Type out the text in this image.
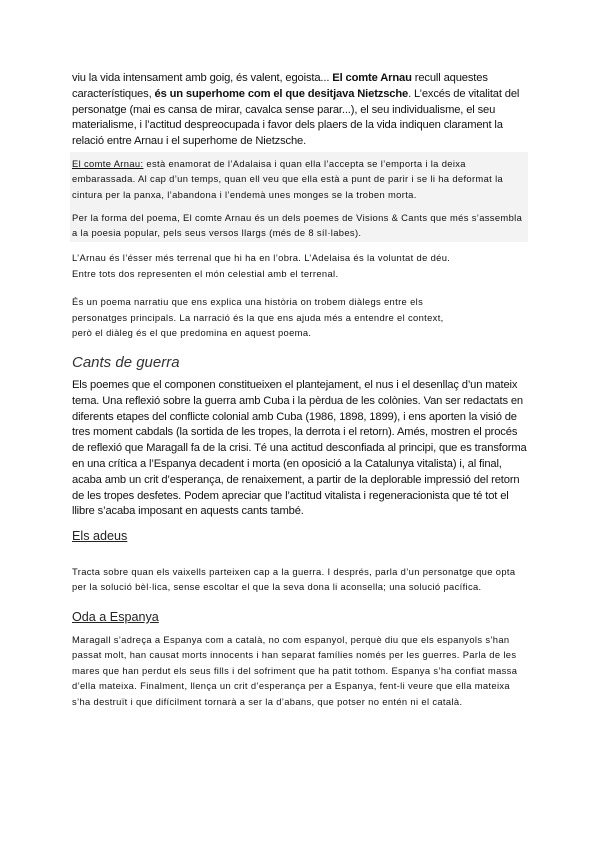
viu la vida intensament amb goig, és valent, egoista... El comte Arnau recull aquestes característiques, és un superhome com el que desitjava Nietzsche. L’excés de vitalitat del personatge (mai es cansa de mirar, cavalca sense parar...), el seu individualisme, el seu materialisme, i l’actitud despreocupada i favor dels plaers de la vida indiquen clarament la relació entre Arnau i el superhome de Nietzsche.

El comte Arnau: està enamorat de l’Adalaisa i quan ella l’accepta se l’emporta i la deixa embarassada. Al cap d’un temps, quan ell veu que ella està a punt de parir i se li ha deformat la cintura per la panxa, l’abandona i l’endemà unes monges se la troben morta.

Per la forma del poema, El comte Arnau és un dels poemes de Visions & Cants que més s’assembla a la poesia popular, pels seus versos llargs (més de 8 síl·labes).

L’Arnau és l’ésser més terrenal que hi ha en l’obra. L’Adelaisa és la voluntat de déu.

Entre tots dos representen el món celestial amb el terrenal.

És un poema narratiu que ens explica una història on trobem diàlegs entre els

personatges principals. La narració és la que ens ajuda més a entendre el context,

però el diàleg és el que predomina en aquest poema.

Cants de guerra

Els poemes que el componen constitueixen el plantejament, el nus i el desenllaç d’un mateix tema. Una reflexió sobre la guerra amb Cuba i la pèrdua de les colònies. Van ser redactats en diferents etapes del conflicte colonial amb Cuba (1986, 1898, 1899), i ens aporten la visió de tres moment cabdals (la sortida de les tropes, la derrota i el retorn). Amés, mostren el procés de reflexió que Maragall fa de la crisi. Té una actitud desconfiada al principi, que es transforma en una crítica a l’Espanya decadent i morta (en oposició a la Catalunya vitalista) i, al final, acaba amb un crit d’esperança, de renaixement, a partir de la deplorable impressió del retorn de les tropes desfetes. Podem apreciar que l’actitud vitalista i regeneracionista que té tot el llibre s’acaba imposant en aquests cants també.

Els adeus

Tracta sobre quan els vaixells parteixen cap a la guerra. I després, parla d’un personatge que opta per la solució bèl·lica, sense escoltar el que la seva dona li aconsella; una solució pacífica.

Oda a Espanya

Maragall s’adreça a Espanya com a català, no com espanyol, perquè diu que els espanyols s’han passat molt, han causat morts innocents i han separat famílies només per les guerres. Parla de les mares que han perdut els seus fills i del sofriment que ha patit tothom. Espanya s’ha confiat massa d’ella mateixa. Finalment, llença un crit d’esperança per a Espanya, fent-li veure que ella mateixa s’ha destruït i que difícilment tornarà a ser la d’abans, que potser no entén ni el català.
